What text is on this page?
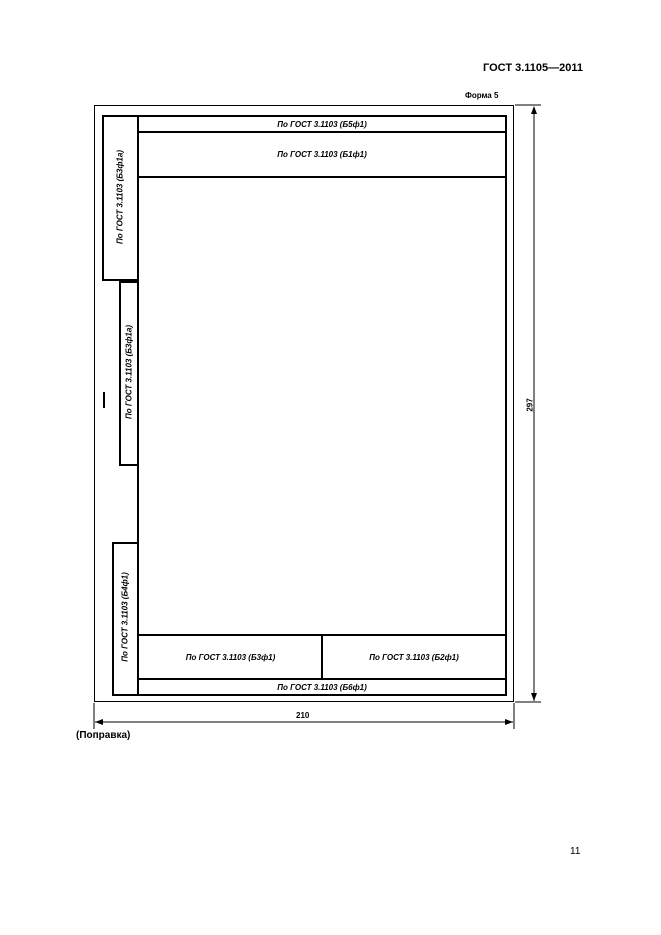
ГОСТ 3.1105—2011
Форма 5
По ГОСТ 3.1103 (Б5ф1)
По ГОСТ 3.1103 (Б1ф1)
По ГОСТ 3.1103 (Б3ф1а)
По ГОСТ 3.1103 (Б3ф1а)
По ГОСТ 3.1103 (Б4ф1)	По ГОСТ 3.1103 (Б3ф1)	По ГОСТ 3.1103 (Б2ф1)
По ГОСТ 3.1103 (Б6ф1)
297
210
(Поправка)
11
